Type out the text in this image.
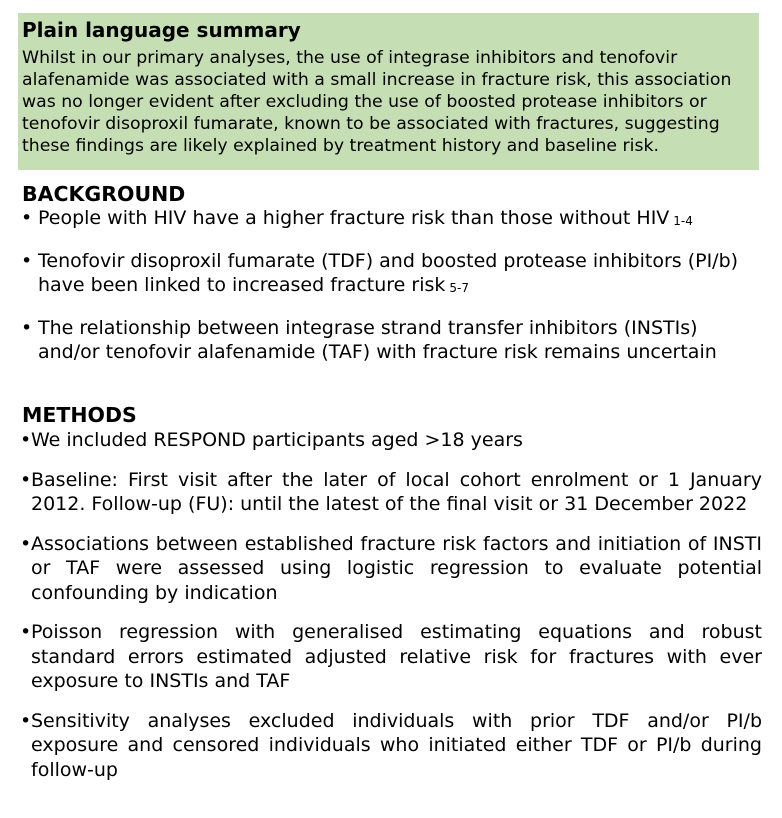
Plain language summary

Whilst in our primary analyses, the use of integrase inhibitors and tenofovir alafenamide was associated with a small increase in fracture risk, this association was no longer evident after excluding the use of boosted protease inhibitors or tenofovir disoproxil fumarate, known to be associated with fractures, suggesting these findings are likely explained by treatment history and baseline risk.

BACKGROUND
• People with HIV have a higher fracture risk than those without HIV 1-4
• Tenofovir disoproxil fumarate (TDF) and boosted protease inhibitors (PI/b) have been linked to increased fracture risk 5-7
• The relationship between integrase strand transfer inhibitors (INSTIs) and/or tenofovir alafenamide (TAF) with fracture risk remains uncertain
METHODS
• We included RESPOND participants aged >18 years
• Baseline: First visit after the later of local cohort enrolment or 1 January 2012. Follow-up (FU): until the latest of the final visit or 31 December 2022
• Associations between established fracture risk factors and initiation of INSTI or TAF were assessed using logistic regression to evaluate potential confounding by indication
• Poisson regression with generalised estimating equations and robust standard errors estimated adjusted relative risk for fractures with ever exposure to INSTIs and TAF
• Sensitivity analyses excluded individuals with prior TDF and/or PI/b exposure and censored individuals who initiated either TDF or PI/b during follow-up
